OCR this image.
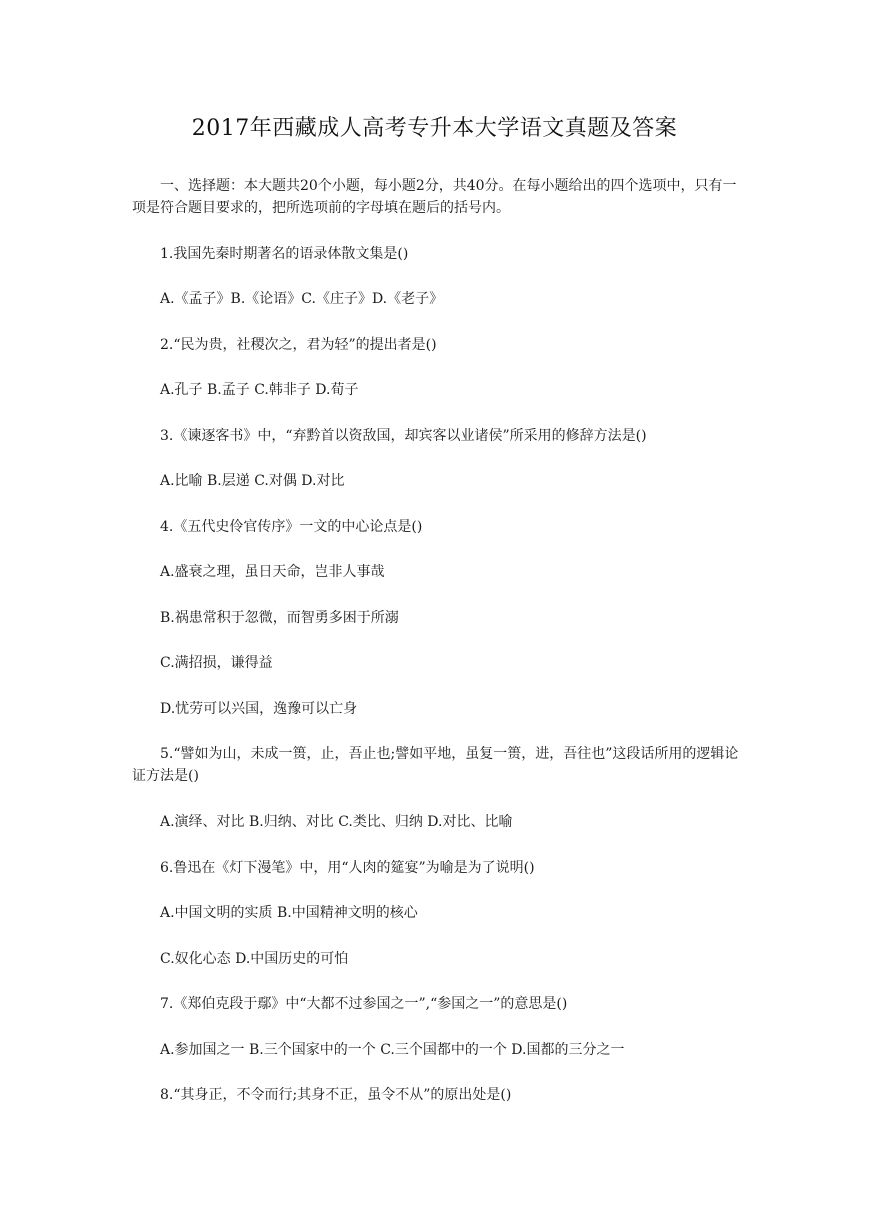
2017年西藏成人高考专升本大学语文真题及答案
一、选择题：本大题共20个小题，每小题2分，共40分。在每小题给出的四个选项中，只有一项是符合题目要求的，把所选项前的字母填在题后的括号内。
1.我国先秦时期著名的语录体散文集是()
A.《孟子》B.《论语》C.《庄子》D.《老子》
2.“民为贵，社稷次之，君为轻”的提出者是()
A.孔子 B.孟子 C.韩非子 D.荀子
3.《谏逐客书》中，“弃黔首以资敌国，却宾客以业诸侯”所采用的修辞方法是()
A.比喻 B.层递 C.对偶 D.对比
4.《五代史伶官传序》一文的中心论点是()
A.盛衰之理，虽日天命，岂非人事哉
B.祸患常积于忽微，而智勇多困于所溺
C.满招损，谦得益
D.忧劳可以兴国，逸豫可以亡身
5.“譬如为山，未成一篑，止，吾止也;譬如平地，虽复一篑，进，吾往也”这段话所用的逻辑论证方法是()
A.演绎、对比 B.归纳、对比 C.类比、归纳 D.对比、比喻
6.鲁迅在《灯下漫笔》中，用“人肉的筵宴”为喻是为了说明()
A.中国文明的实质 B.中国精神文明的核心
C.奴化心态 D.中国历史的可怕
7.《郑伯克段于鄢》中“大都不过参国之一”,“参国之一”的意思是()
A.参加国之一 B.三个国家中的一个 C.三个国都中的一个 D.国都的三分之一
8.“其身正，不令而行;其身不正，虽令不从”的原出处是()
